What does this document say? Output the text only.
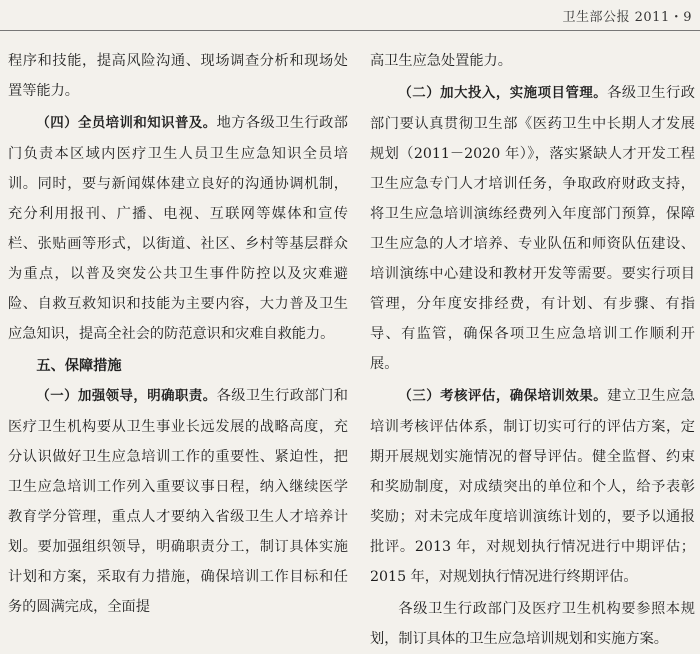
卫生部公报 2011・9

程序和技能，提高风险沟通、现场调查分析和现场处置等能力。

（四）全员培训和知识普及。地方各级卫生行政部门负责本区域内医疗卫生人员卫生应急知识全员培训。同时，要与新闻媒体建立良好的沟通协调机制，充分利用报刊、广播、电视、互联网等媒体和宣传栏、张贴画等形式，以街道、社区、乡村等基层群众为重点，以普及突发公共卫生事件防控以及灾难避险、自救互救知识和技能为主要内容，大力普及卫生应急知识，提高全社会的防范意识和灾难自救能力。

五、保障措施

（一）加强领导，明确职责。各级卫生行政部门和医疗卫生机构要从卫生事业长远发展的战略高度，充分认识做好卫生应急培训工作的重要性、紧迫性，把卫生应急培训工作列入重要议事日程，纳入继续医学教育学分管理，重点人才要纳入省级卫生人才培养计划。要加强组织领导，明确职责分工，制订具体实施计划和方案，采取有力措施，确保培训工作目标和任务的圆满完成，全面提

高卫生应急处置能力。

（二）加大投入，实施项目管理。各级卫生行政部门要认真贯彻卫生部《医药卫生中长期人才发展规划（2011－2020 年）》，落实紧缺人才开发工程卫生应急专门人才培训任务，争取政府财政支持，将卫生应急培训演练经费列入年度部门预算，保障卫生应急的人才培养、专业队伍和师资队伍建设、培训演练中心建设和教材开发等需要。要实行项目管理，分年度安排经费，有计划、有步骤、有指导、有监管，确保各项卫生应急培训工作顺利开展。

（三）考核评估，确保培训效果。建立卫生应急培训考核评估体系，制订切实可行的评估方案，定期开展规划实施情况的督导评估。健全监督、约束和奖励制度，对成绩突出的单位和个人，给予表彰奖励；对未完成年度培训演练计划的，要予以通报批评。2013 年，对规划执行情况进行中期评估；2015 年，对规划执行情况进行终期评估。

各级卫生行政部门及医疗卫生机构要参照本规划，制订具体的卫生应急培训规划和实施方案。
